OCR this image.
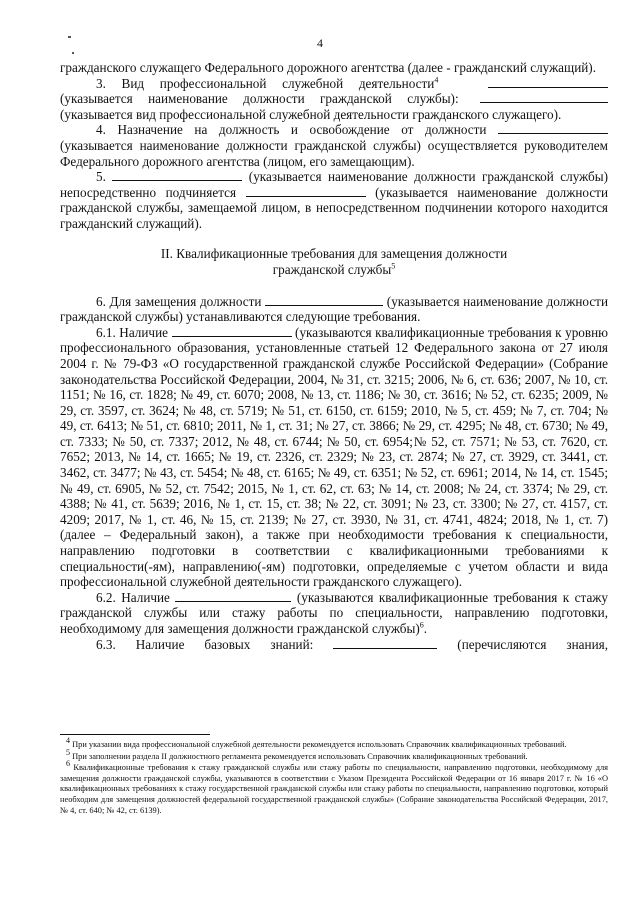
4

гражданского служащего Федерального дорожного агентства (далее - гражданский служащий).

3. Вид профессиональной служебной деятельности$^4$  (указывается наименование должности гражданской службы):  (указывается вид профессиональной служебной деятельности гражданского служащего).

4. Назначение на должность и освобождение от должности  (указывается наименование должности гражданской службы) осуществляется руководителем Федерального дорожного агентства (лицом, его замещающим).

5.	(указывается наименование должности гражданской службы) непосредственно подчиняется	(указывается наименование должности гражданской службы, замещаемой лицом, в непосредственном подчинении которого находится гражданский служащий).

II. Квалификационные требования для замещения должности
гражданской службы$^5$

6. Для замещения должности	(указывается наименование должности гражданской службы) устанавливаются следующие требования.

6.1. Наличие	(указываются квалификационные требования к уровню профессионального образования, установленные статьей 12 Федерального закона от 27 июля 2004 г. № 79-ФЗ «О государственной гражданской службе Российской Федерации» (Собрание законодательства Российской Федерации, 2004, № 31, ст. 3215; 2006, № 6, ст. 636; 2007, № 10, ст. 1151; № 16, ст. 1828; № 49, ст. 6070; 2008, № 13, ст. 1186; № 30, ст. 3616; № 52, ст. 6235; 2009, № 29, ст. 3597, ст. 3624; № 48, ст. 5719; № 51, ст. 6150, ст. 6159; 2010, № 5, ст. 459; № 7, ст. 704; № 49, ст. 6413; № 51, ст. 6810; 2011, № 1, ст. 31; № 27, ст. 3866; № 29, ст. 4295; № 48, ст. 6730; № 49, ст. 7333; № 50, ст. 7337; 2012, № 48, ст. 6744; № 50, ст. 6954;№ 52, ст. 7571; № 53, ст. 7620, ст. 7652; 2013, № 14, ст. 1665; № 19, ст. 2326, ст. 2329; № 23, ст. 2874; № 27, ст. 3929, ст. 3441, ст. 3462, ст. 3477; № 43, ст. 5454; № 48, ст. 6165; № 49, ст. 6351; № 52, ст. 6961; 2014, № 14, ст. 1545; № 49, ст. 6905, № 52, ст. 7542; 2015, № 1, ст. 62, ст. 63; № 14, ст. 2008; № 24, ст. 3374; № 29, ст. 4388; № 41, ст. 5639; 2016, № 1, ст. 15, ст. 38; № 22, ст. 3091; № 23, ст. 3300; № 27, ст. 4157, ст. 4209; 2017, № 1, ст. 46, № 15, ст. 2139; № 27, ст. 3930, № 31, ст. 4741, 4824; 2018, № 1, ст. 7) (далее – Федеральный закон), а также при необходимости требования к специальности, направлению подготовки в соответствии с квалификационными требованиями к специальности(-ям), направлению(-ям) подготовки, определяемые с учетом области и вида профессиональной служебной деятельности гражданского служащего).

6.2. Наличие	(указываются квалификационные требования к стажу гражданской службы или стажу работы по специальности, направлению подготовки, необходимому для замещения должности гражданской службы)$^6$.

6.3. Наличие базовых знаний:	(перечисляются знания,

$^4$ При указании вида профессиональной служебной деятельности рекомендуется использовать Справочник квалификационных требований.

$^5$ При заполнении раздела II должностного регламента рекомендуется использовать Справочник квалификационных требований.

$^6$ Квалификационные требования к стажу гражданской службы или стажу работы по специальности, направлению подготовки, необходимому для замещения должности гражданской службы, указываются в соответствии с Указом Президента Российской Федерации от 16 января 2017 г. № 16 «О квалификационных требованиях к стажу государственной гражданской службы или стажу работы по специальности, направлению подготовки, который необходим для замещения должностей федеральной государственной гражданской службы» (Собрание законодательства Российской Федерации, 2017, № 4, ст. 640; № 42, ст. 6139).
